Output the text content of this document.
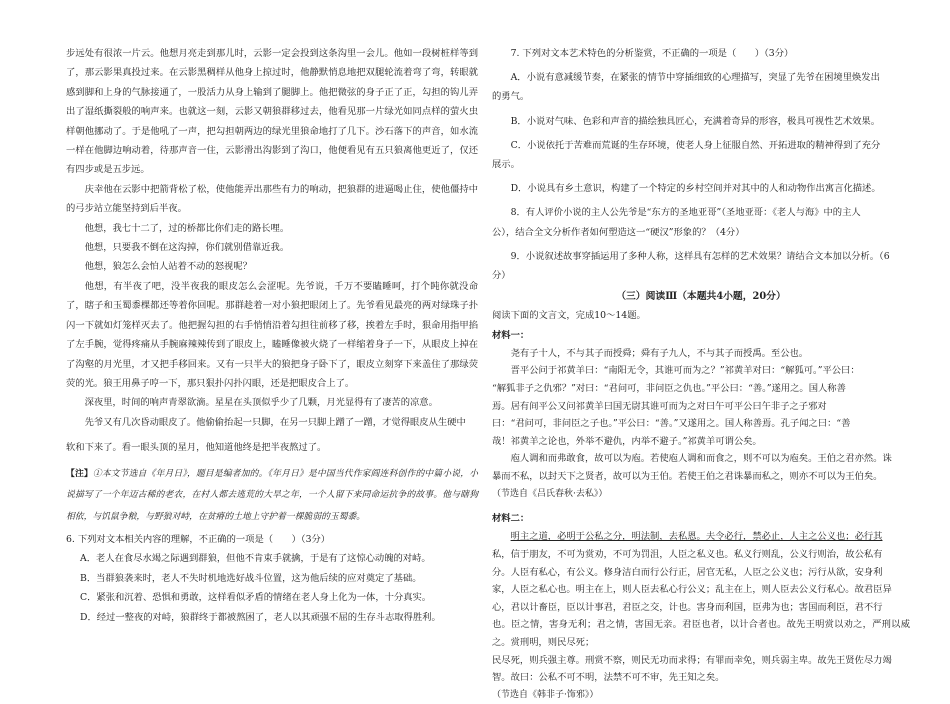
步远处有很浓一片云。他想月亮走到那儿时，云影一定会投到这条沟里一会儿。他如一段树桩样等到了，那云影果真投过来。在云影黑稠样从他身上掠过时，他静默悄息地把双腿轮流着弯了弯，转眼就感到脚和上身的气脉接通了，一股活力从身上输到了腿脚上。他把微弦的身子正了正，勾担的钩儿弄出了湿纸撕裂般的响声来。也就这一刻，云影又朝狼群移过去，他看见那一片绿光如同点样的萤火虫样朝他挪动了。于是他吼了一声，把勾担朝两边的绿光里狼命地打了几下。沙石落下的声音，如水流一样在他脚边响动着，待那声音一住，云影滑出沟影到了沟口，他便看见有五只狼离他更近了，仅还有四步或是五步远。

庆幸他在云影中把箭背松了松，使他能弄出那些有力的响动，把狼群的进逼喝止住，使他僵持中的弓步站立能坚持到后半夜。

他想，我七十二了，过的桥都比你们走的路长哩。

他想，只要我不倒在这沟掉，你们就别借靠近我。

他想，狼怎么会怕人站着不动的怒视呢？

他想，有半夜了吧，没半夜我的眼皮怎么会涩呢。先爷说，千万不要瞌睡呵，打个盹你就没命了，瞎子和玉蜀黍棵都还等着你回呢。那群趁着一对小狼把眼闭上了。先爷看见最亮的两对绿珠子扑闪一下就如灯笼样灭去了。他把握勾担的右手悄悄沿着勾担往前移了移，挨着左手时，狠命用指甲掐了左手腕，觉得疼痛从手腕麻辣辣传到了眼皮上，瞌睡像被火烧了一样缩着身子一下，从眼皮上掉在了沟壑的月光里，才又把手移回来。又有一只半大的狼把身子卧下了，眼皮立刻穿下来盖住了那绿荧荧的光。狼王用鼻子哼一下，那只狠扑闪扑闪眼，还是把眼皮合上了。

深夜里，时间的响声青翠欲滴。星星在头顶似乎少了几颗，月光显得有了凄苦的凉意。

先爷又有几次昏动眼皮了。他偷偷抬起一只脚，在另一只脚上蹭了一蹭，才觉得眼皮从生硬中

软和下来了。看一眼头顶的星月，他知道他终是把半夜熬过了。

【注】①本文节选自《年月日》，题目是编者加的。《年月日》是中国当代作家阎连科创作的中篇小说，小说描写了一个年迈古稀的老农，在村人都去逃荒的大旱之年，一个人留下来同命运抗争的故事。他与瞎狗相依，与饥鼠争粮，与野狼对峙，在贫瘠的土地上守护着一棵脆弱的玉蜀黍。

6. 下列对文本相关内容的理解，不正确的一项是（　　）（3分）

A．老人在食尽水竭之际遇到群狼，但他不肯束手就擒，于是有了这惊心动魄的对峙。

B．当群狼袭来时，老人不失时机地选好战斗位置，这为他后续的应对奠定了基础。

C．紧张和沉着、恐惧和勇敢，这样看似矛盾的情绪在老人身上化为一体，十分真实。

D．经过一整夜的对峙，狼群终于都被熬困了，老人以其顽强不屈的生存斗志取得胜利。

7. 下列对文本艺术特色的分析鉴赏，不正确的一项是（　　）（3分）

A．小说有意减缓节奏，在紧张的情节中穿插细致的心理描写，突显了先爷在困境里焕发出

的勇气。

B．小说对气味、色彩和声音的描绘独具匠心，充满着奇异的形容，极具可视性艺术效果。

C．小说依托于苦难而荒诞的生存环境，使老人身上征服自然、开拓进取的精神得到了充分

展示。

D．小说具有乡土意识，构建了一个特定的乡村空间并对其中的人和动物作出寓言化描述。

8．有人评价小说的主人公先爷是“东方的圣地亚哥”（圣地亚哥：《老人与海》中的主人

公），结合全文分析作者如何塑造这一“硬汉”形象的？（4分）

9．小说叙述故事穿插运用了多种人称，这样具有怎样的艺术效果？请结合文本加以分析。（6

分）

（三）阅读Ⅲ（本题共4小题，20分）

阅读下面的文言文，完成10～14题。

材料一：

尧有子十人，不与其子而授舜；舜有子九人，不与其子而授禹。至公也。

晋平公问于祁黄羊曰：“南阳无令，其谁可而为之？”祁黄羊对曰：“解狐可。”平公曰：

“解狐非子之仇邪？”对曰：“君问可，非问臣之仇也。”平公曰：“善。”遂用之。国人称善

焉。居有间平公又问祁黄羊曰国无尉其谁可而为之对曰午可平公曰午非子之子邪对

曰：“君问可，非问臣之子也。”平公曰：“善。”又遂用之。国人称善焉。孔子闻之曰：“善

哉！祁黄羊之论也，外举不避仇，内举不避子。”祁黄羊可谓公矣。

庖人调和而弗敢食，故可以为庖。若使庖人调和而食之，则不可以为庖矣。王伯之君亦然。诛

暴而不私，以封天下之贤者，故可以为王伯。若使王伯之君诛暴而私之，则亦不可以为王伯矣。

（节选自《吕氏春秋·去私》）

材料二：

明主之道，必明于公私之分，明法制，去私恩。夫令必行，禁必止，人主之公义也；必行其

私，信于朋友，不可为赏劝，不可为罚沮，人臣之私义也。私义行则乱，公义行则治，故公私有

分。人臣有私心，有公义。修身洁白而行公行正，居官无私，人臣之公义也；污行从欲，安身利

家，人臣之私心也。明主在上，则人臣去私心行公义；乱主在上，则人臣去公义行私心。故君臣异

心，君以计畜臣，臣以计事君，君臣之交，计也。害身而利国，臣弗为也；害国而利臣，君不行

也。臣之情，害身无利；君之情，害国无亲。君臣也者，以计合者也。故先王明赏以劝之，严刑以威之。赏刑明，则民尽死；

民尽死，则兵强主尊。刑赏不察，则民无功而求得；有罪而幸免，则兵弱主卑。故先王贤佐尽力竭

智。故曰：公私不可不明，法禁不可不审，先王知之矣。

（节选自《韩非子·饰邪》）
